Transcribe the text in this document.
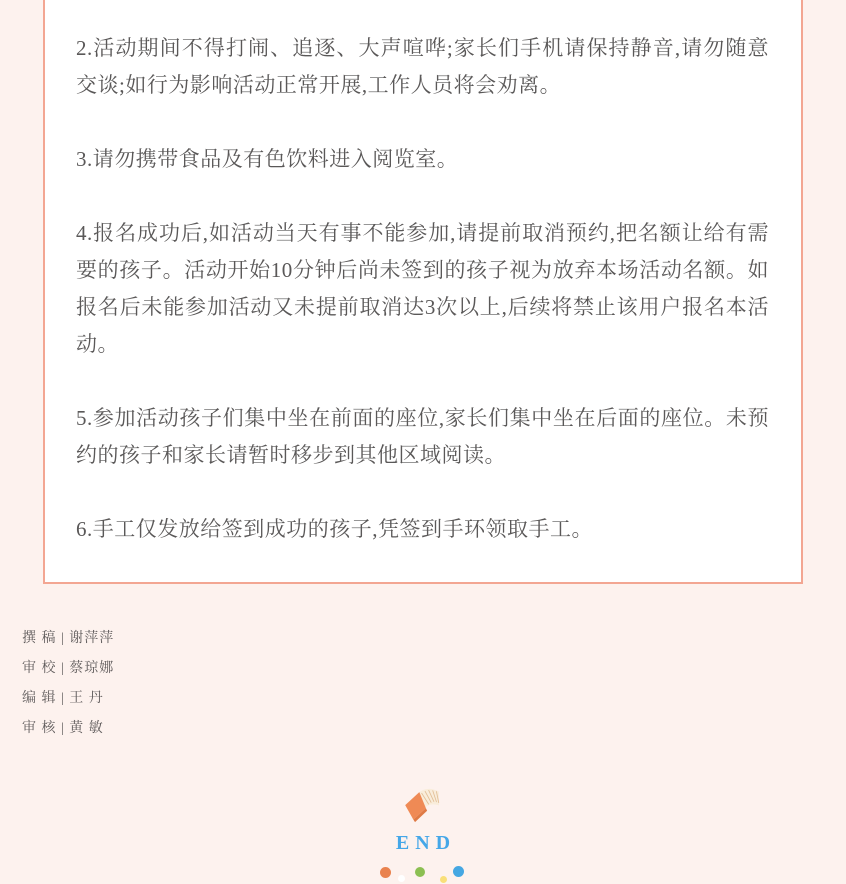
2.活动期间不得打闹、追逐、大声喧哗;家长们手机请保持静音,请勿随意交谈;如行为影响活动正常开展,工作人员将会劝离。

3.请勿携带食品及有色饮料进入阅览室。

4.报名成功后,如活动当天有事不能参加,请提前取消预约,把名额让给有需要的孩子。活动开始10分钟后尚未签到的孩子视为放弃本场活动名额。如报名后未能参加活动又未提前取消达3次以上,后续将禁止该用户报名本活动。

5.参加活动孩子们集中坐在前面的座位,家长们集中坐在后面的座位。未预约的孩子和家长请暂时移步到其他区域阅读。

6.手工仅发放给签到成功的孩子,凭签到手环领取手工。

撰 稿 | 谢萍萍
审 校 | 蔡琼娜
编 辑 | 王 丹
审 核 | 黄 敏
END
